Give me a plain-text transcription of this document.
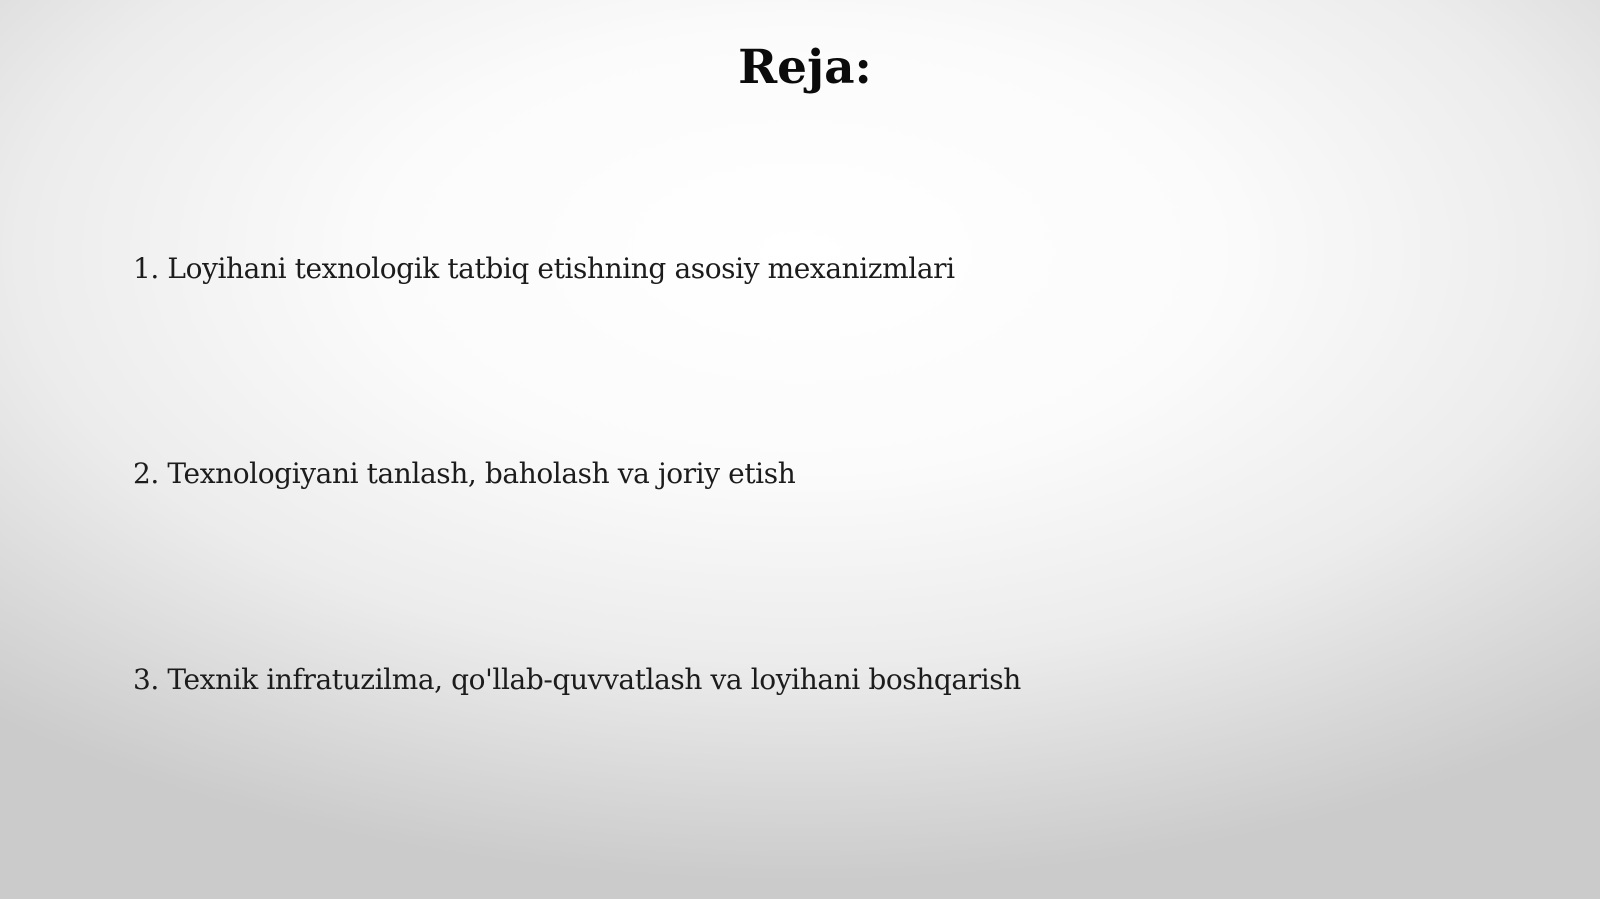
Reja:
1. Loyihani texnologik tatbiq etishning asosiy mexanizmlari
2. Texnologiyani tanlash, baholash va joriy etish
3. Texnik infratuzilma, qo'llab-quvvatlash va loyihani boshqarish
